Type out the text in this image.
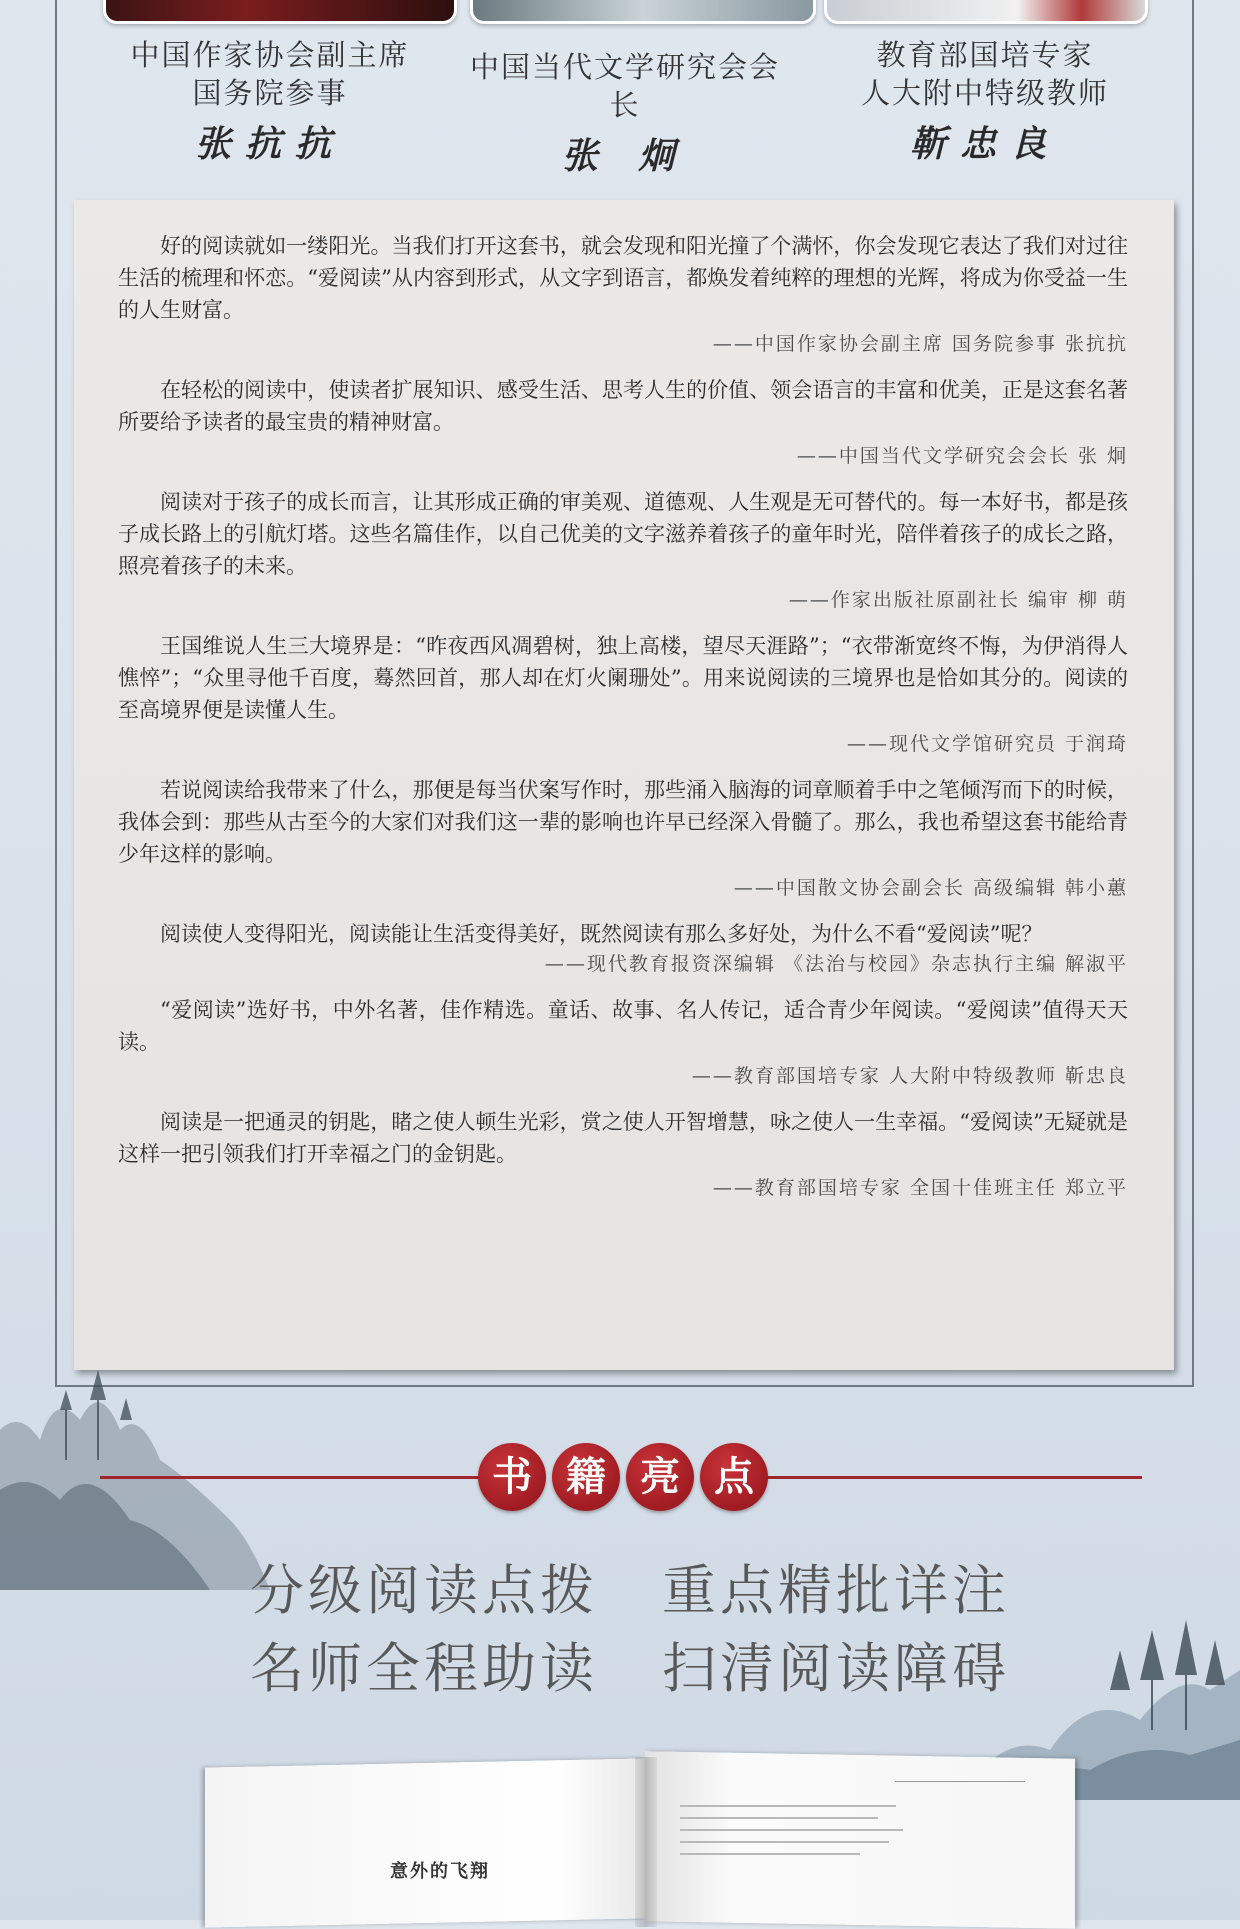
中国作家协会副主席
国务院参事
张抗抗
中国当代文学研究会会长
张 炯
教育部国培专家
人大附中特级教师
靳忠良

好的阅读就如一缕阳光。当我们打开这套书，就会发现和阳光撞了个满怀，你会发现它表达了我们对过往生活的梳理和怀恋。“爱阅读”从内容到形式，从文字到语言，都焕发着纯粹的理想的光辉，将成为你受益一生的人生财富。

——中国作家协会副主席 国务院参事 张抗抗

在轻松的阅读中，使读者扩展知识、感受生活、思考人生的价值、领会语言的丰富和优美，正是这套名著所要给予读者的最宝贵的精神财富。

——中国当代文学研究会会长 张 炯

阅读对于孩子的成长而言，让其形成正确的审美观、道德观、人生观是无可替代的。每一本好书，都是孩子成长路上的引航灯塔。这些名篇佳作，以自己优美的文字滋养着孩子的童年时光，陪伴着孩子的成长之路，照亮着孩子的未来。

——作家出版社原副社长 编审 柳 萌

王国维说人生三大境界是：“昨夜西风凋碧树，独上高楼，望尽天涯路”；“衣带渐宽终不悔，为伊消得人憔悴”；“众里寻他千百度，蓦然回首，那人却在灯火阑珊处”。用来说阅读的三境界也是恰如其分的。阅读的至高境界便是读懂人生。

——现代文学馆研究员 于润琦

若说阅读给我带来了什么，那便是每当伏案写作时，那些涌入脑海的词章顺着手中之笔倾泻而下的时候，我体会到：那些从古至今的大家们对我们这一辈的影响也许早已经深入骨髓了。那么，我也希望这套书能给青少年这样的影响。

——中国散文协会副会长 高级编辑 韩小蕙

阅读使人变得阳光，阅读能让生活变得美好，既然阅读有那么多好处，为什么不看“爱阅读”呢？

——现代教育报资深编辑 《法治与校园》杂志执行主编 解淑平

“爱阅读”选好书，中外名著，佳作精选。童话、故事、名人传记，适合青少年阅读。“爱阅读”值得天天读。

——教育部国培专家 人大附中特级教师 靳忠良

阅读是一把通灵的钥匙，睹之使人顿生光彩，赏之使人开智增慧，咏之使人一生幸福。“爱阅读”无疑就是这样一把引领我们打开幸福之门的金钥匙。

——教育部国培专家 全国十佳班主任 郑立平

书 籍 亮 点
分级阅读点拨 重点精批详注
名师全程助读 扫清阅读障碍
意外的飞翔
